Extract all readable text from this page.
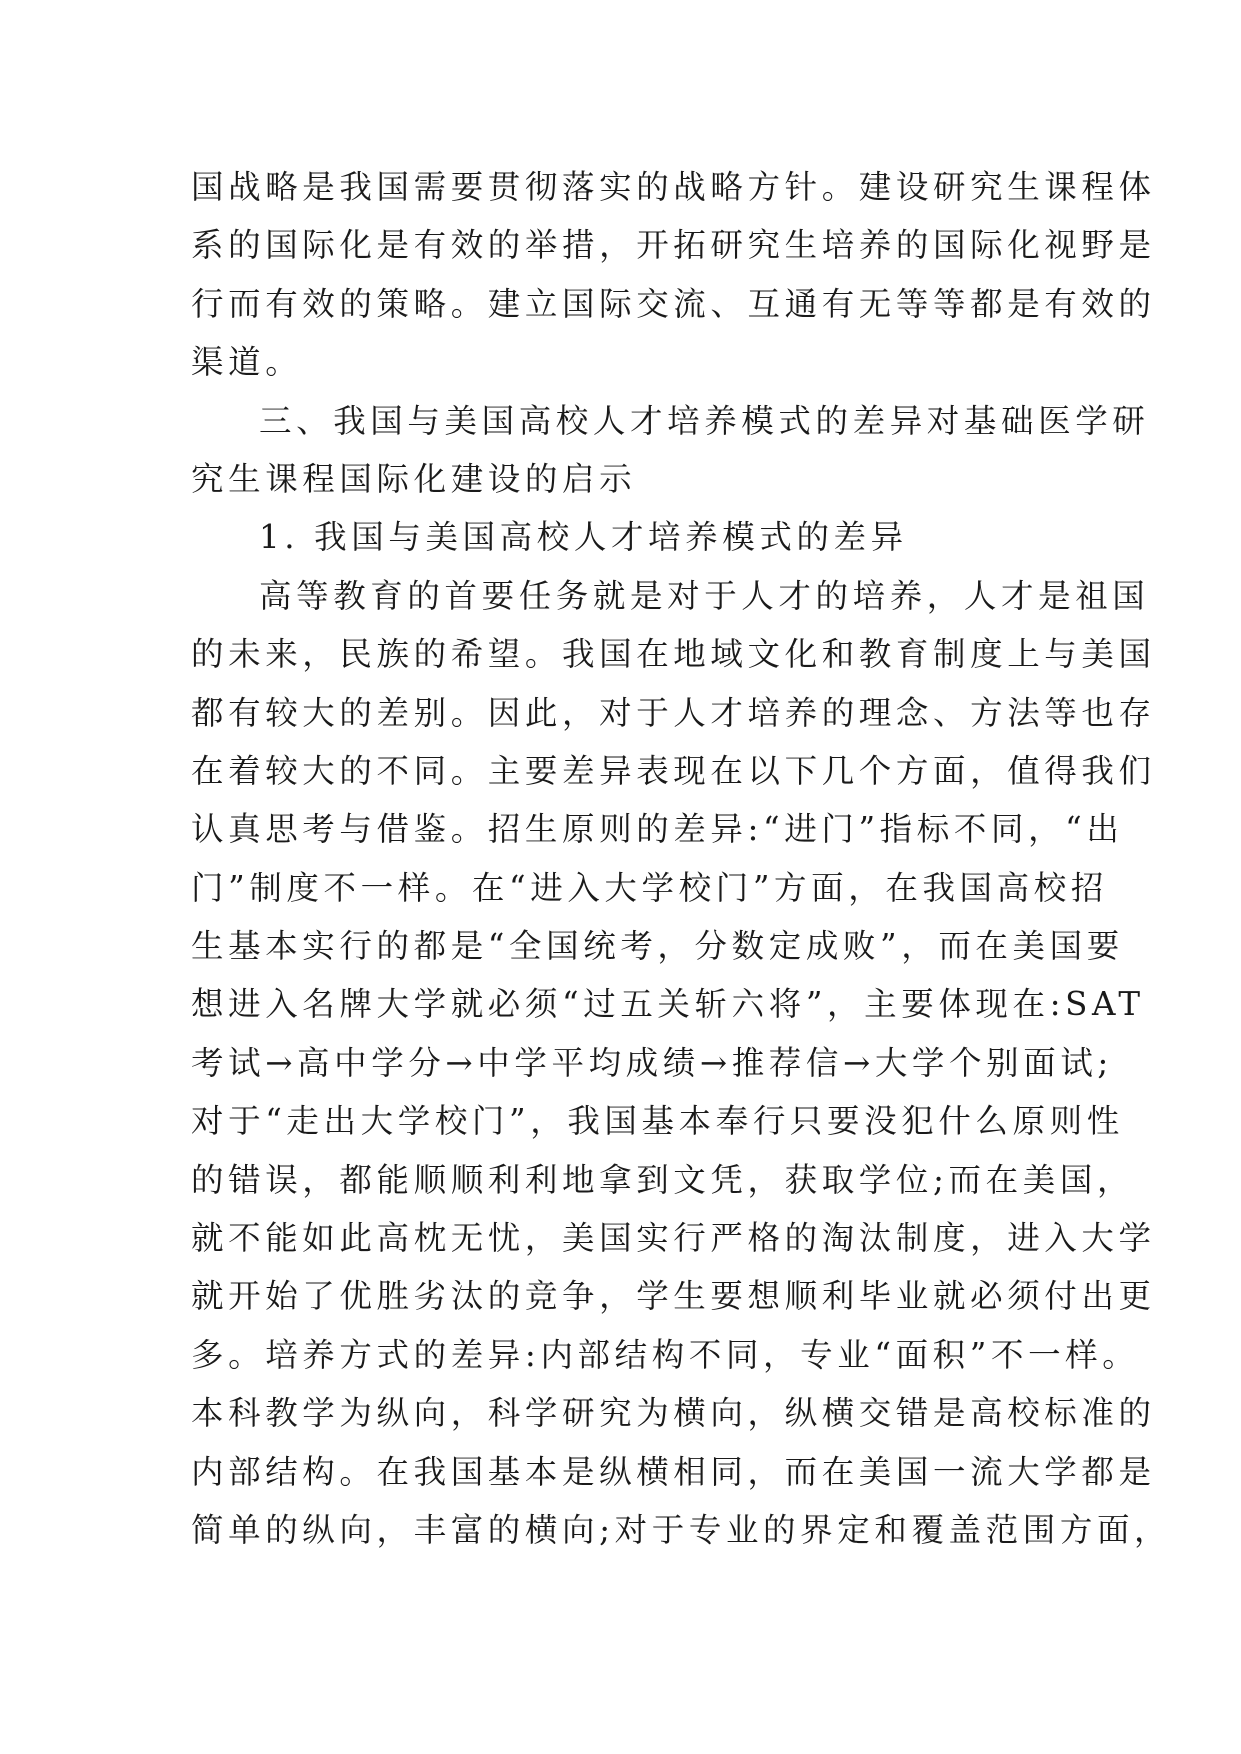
国战略是我国需要贯彻落实的战略方针。建设研究生课程体
系的国际化是有效的举措，开拓研究生培养的国际化视野是
行而有效的策略。建立国际交流、互通有无等等都是有效的
渠道。
三、我国与美国高校人才培养模式的差异对基础医学研
究生课程国际化建设的启示
1. 我国与美国高校人才培养模式的差异
高等教育的首要任务就是对于人才的培养，人才是祖国
的未来，民族的希望。我国在地域文化和教育制度上与美国
都有较大的差别。因此，对于人才培养的理念、方法等也存
在着较大的不同。主要差异表现在以下几个方面，值得我们
认真思考与借鉴。招生原则的差异:“进门”指标不同，“出
门”制度不一样。在“进入大学校门”方面，在我国高校招
生基本实行的都是“全国统考，分数定成败”，而在美国要
想进入名牌大学就必须“过五关斩六将”，主要体现在:SAT
考试→高中学分→中学平均成绩→推荐信→大学个别面试;
对于“走出大学校门”，我国基本奉行只要没犯什么原则性
的错误，都能顺顺利利地拿到文凭，获取学位;而在美国，
就不能如此高枕无忧，美国实行严格的淘汰制度，进入大学
就开始了优胜劣汰的竞争，学生要想顺利毕业就必须付出更
多。培养方式的差异:内部结构不同，专业“面积”不一样。
本科教学为纵向，科学研究为横向，纵横交错是高校标准的
内部结构。在我国基本是纵横相同，而在美国一流大学都是
简单的纵向，丰富的横向;对于专业的界定和覆盖范围方面，
